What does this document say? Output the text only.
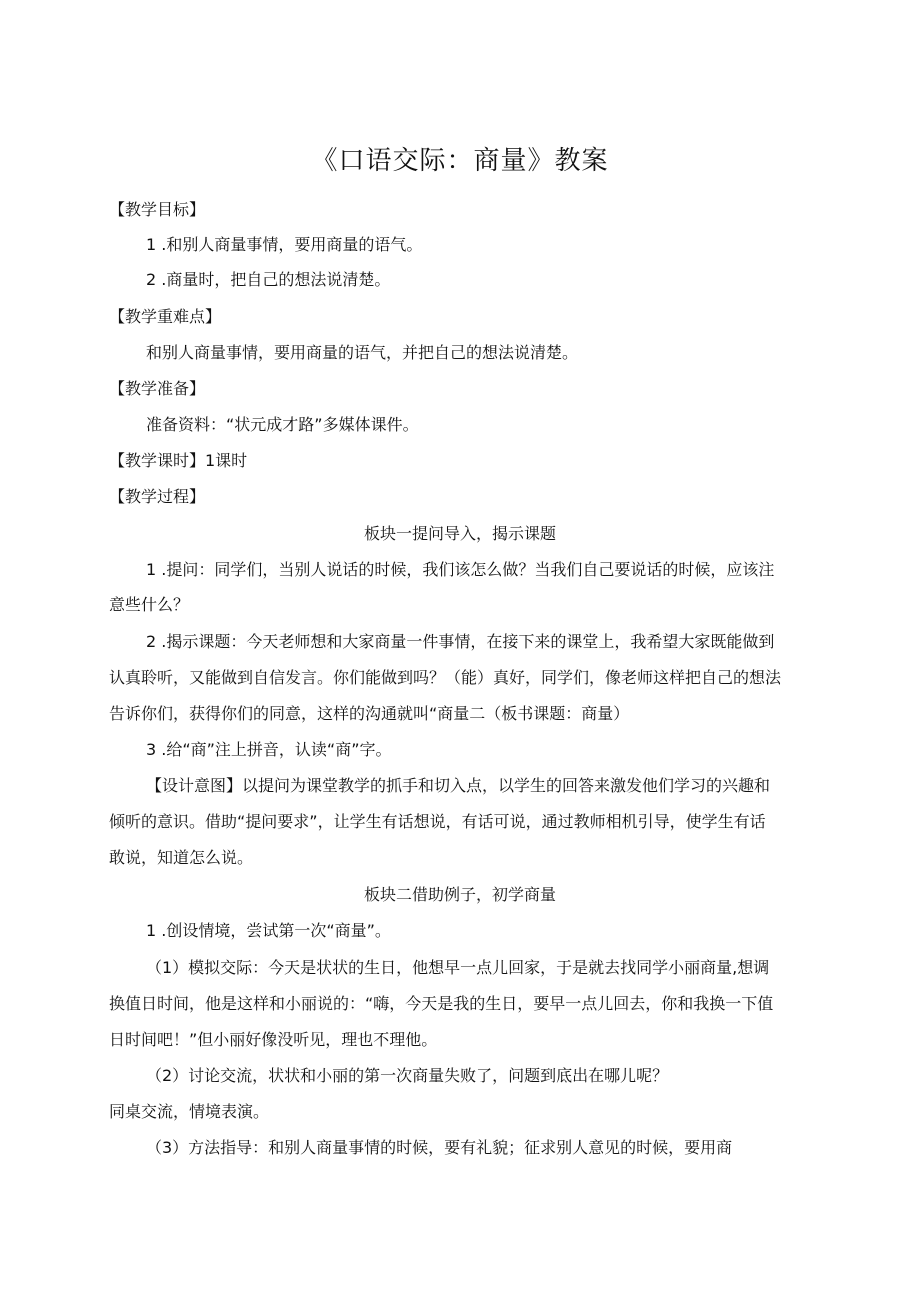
《口语交际：商量》教案
【教学目标】
1 .和别人商量事情，要用商量的语气。
2 .商量时，把自己的想法说清楚。
【教学重难点】
和别人商量事情，要用商量的语气，并把自己的想法说清楚。
【教学准备】
准备资料：“状元成才路”多媒体课件。
【教学课时】1课时
【教学过程】
板块一提问导入，揭示课题
1 .提问：同学们，当别人说话的时候，我们该怎么做？当我们自己要说话的时候，应该注
意些什么？
2 .揭示课题：今天老师想和大家商量一件事情，在接下来的课堂上，我希望大家既能做到
认真聆听，又能做到自信发言。你们能做到吗？（能）真好，同学们，像老师这样把自己的想法
告诉你们，获得你们的同意，这样的沟通就叫“商量二（板书课题：商量）
3 .给“商”注上拼音，认读“商”字。
【设计意图】以提问为课堂教学的抓手和切入点，以学生的回答来激发他们学习的兴趣和
倾听的意识。借助“提问要求”，让学生有话想说，有话可说，通过教师相机引导，使学生有话
敢说，知道怎么说。
板块二借助例子，初学商量
1 .创设情境，尝试第一次“商量”。
（1）模拟交际：今天是状状的生日，他想早一点儿回家，于是就去找同学小丽商量,想调
换值日时间，他是这样和小丽说的：“嗨，今天是我的生日，要早一点儿回去，你和我换一下值
日时间吧！”但小丽好像没听见，理也不理他。
（2）讨论交流，状状和小丽的第一次商量失败了，问题到底出在哪儿呢？
同桌交流，情境表演。
（3）方法指导：和别人商量事情的时候，要有礼貌；征求别人意见的时候，要用商
